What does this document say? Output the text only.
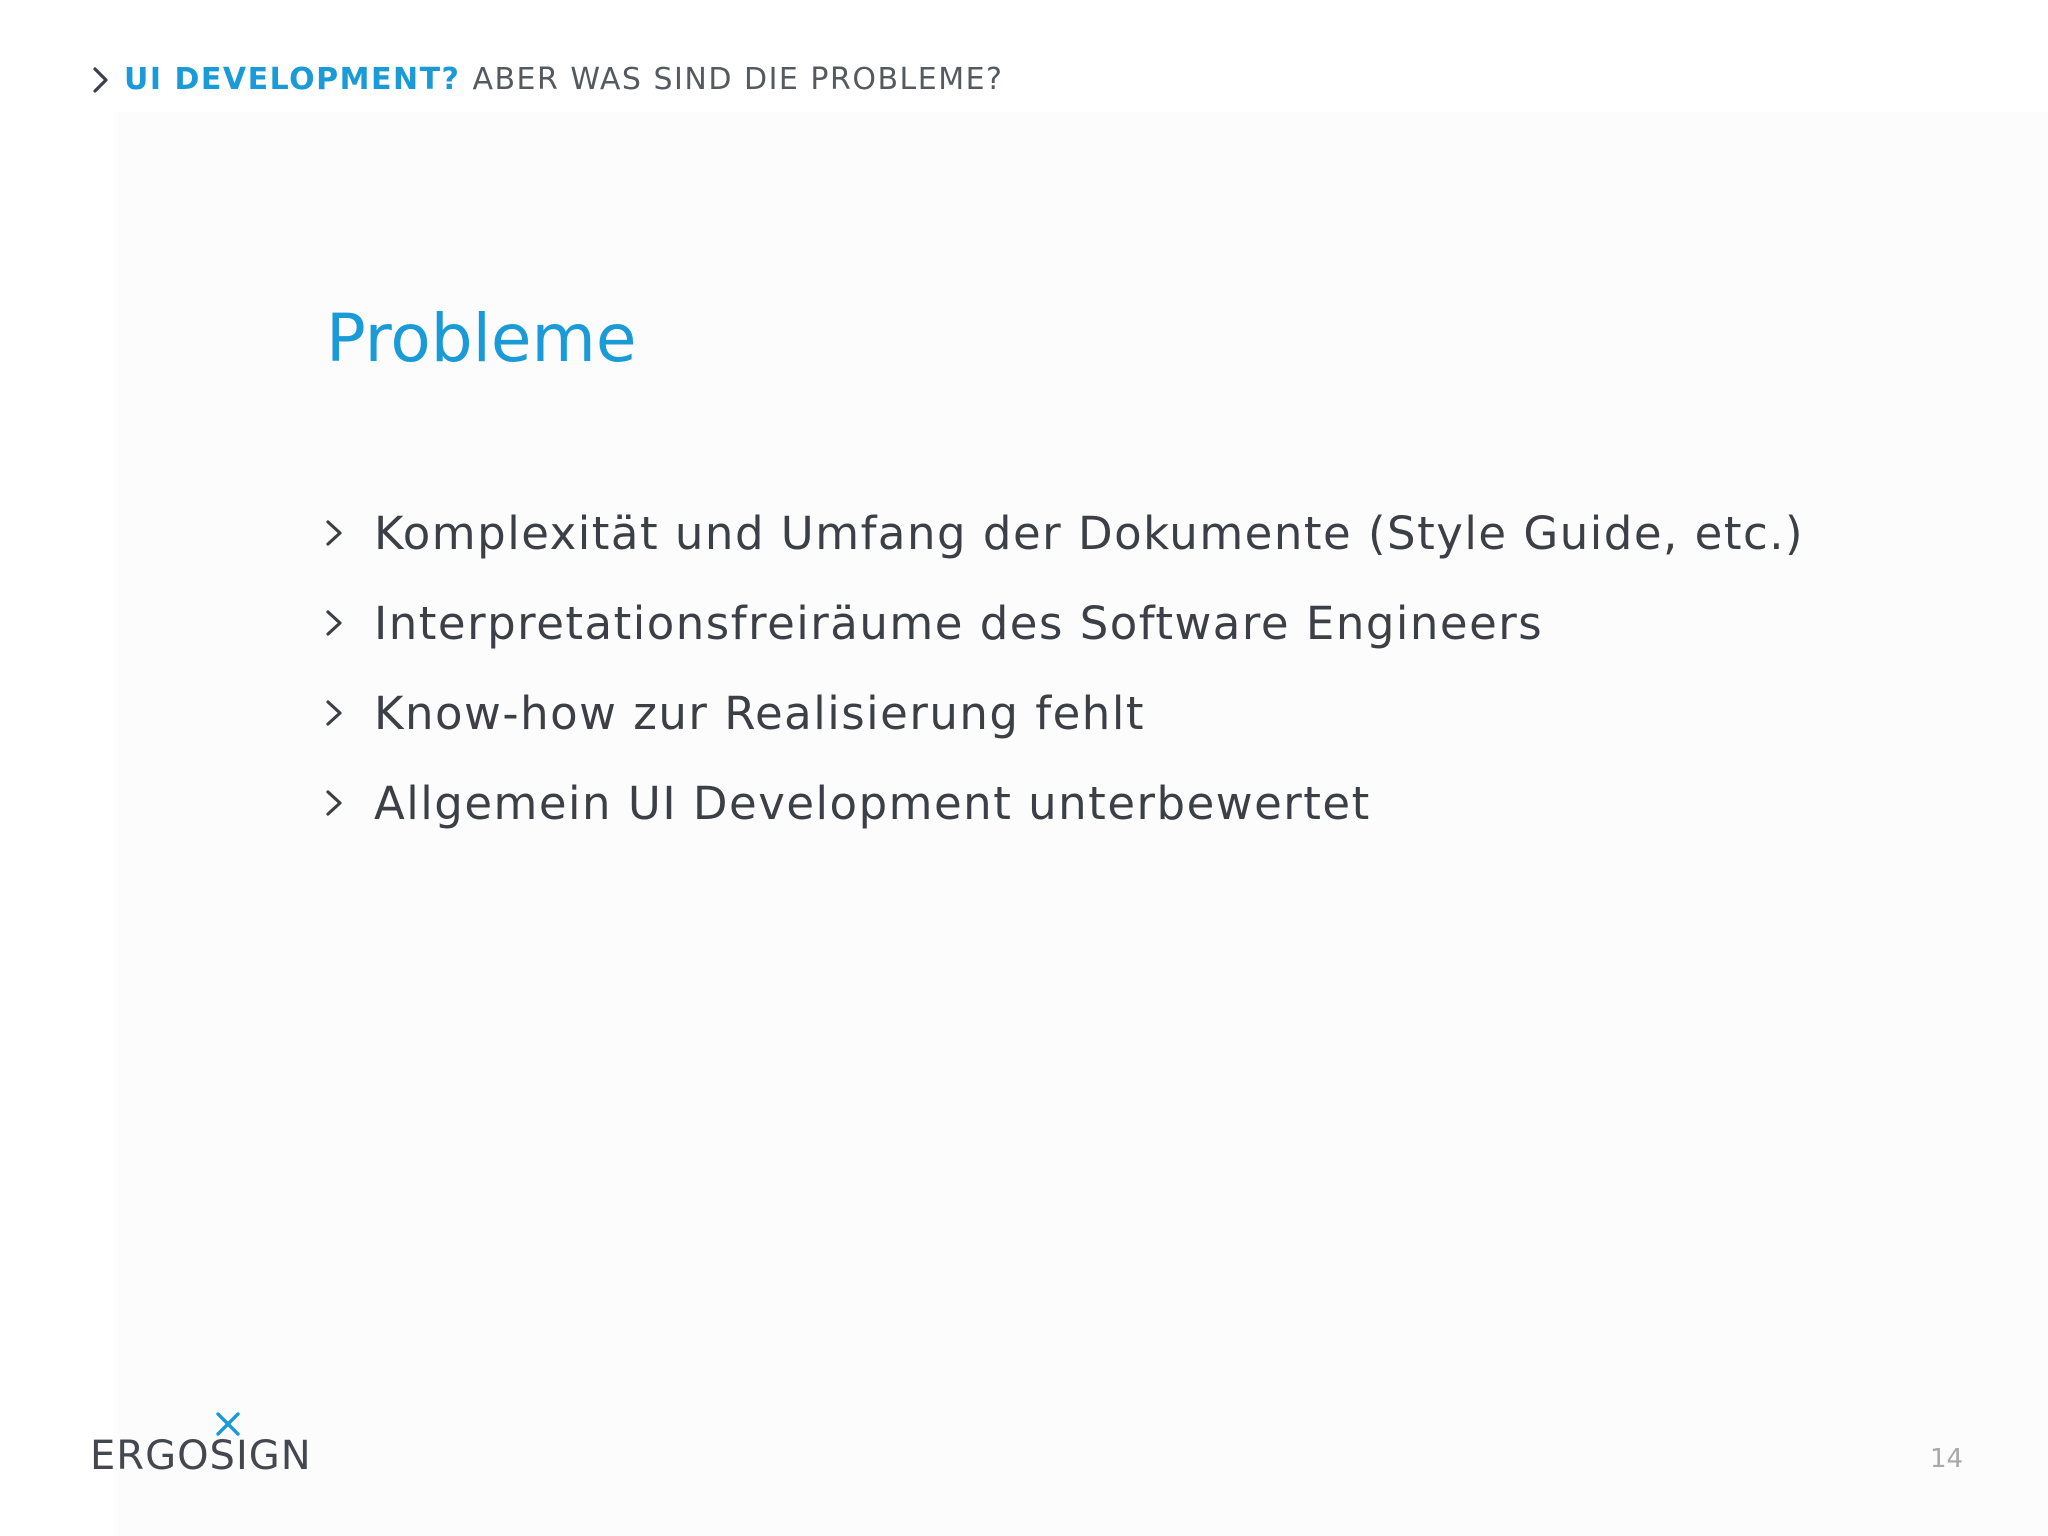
UI DEVELOPMENT? ABER WAS SIND DIE PROBLEME?
Probleme
Komplexität und Umfang der Dokumente (Style Guide, etc.)
Interpretationsfreiräume des Software Engineers
Know-how zur Realisierung fehlt
Allgemein UI Development unterbewertet
ERGOSIGN	14
